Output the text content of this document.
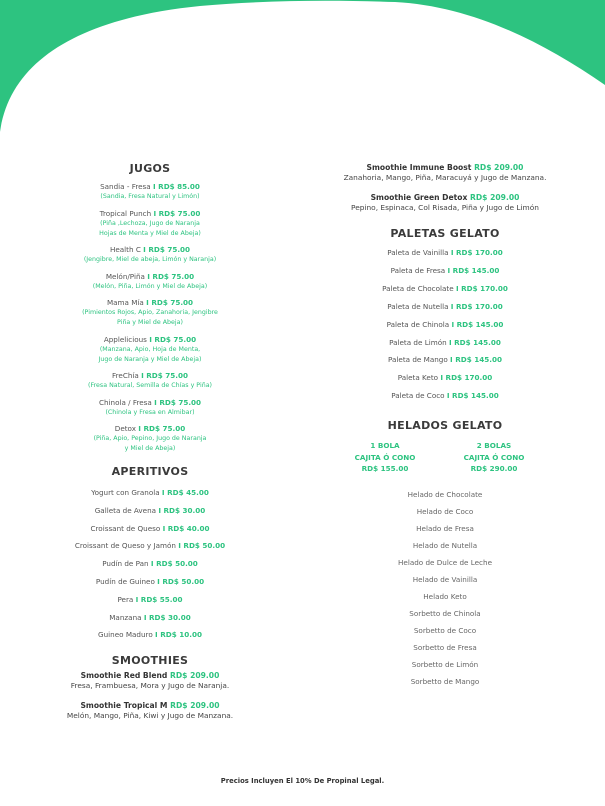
Santo Domingo
COUNTRY CLUB
TOLEDO
MENÚ DELIGELATO
JUGOS
Sandia - Fresa I RD$ 85.00
(Sandia, Fresa Natural y Limón)
Tropical Punch I RD$ 75.00
(Piña ,Lechoza, Jugo de Naranja
Hojas de Menta y Miel de Abeja)
Health C I RD$ 75.00
(Jengibre, Miel de abeja, Limón y Naranja)
Melón/Piña I RD$ 75.00
(Melón, Piña, Limón y Miel de Abeja)
Mama Mía I RD$ 75.00
(Pimientos Rojos, Apio, Zanahoria, Jengibre
Piña y Miel de Abeja)
Applelicious I RD$ 75.00
(Manzana, Apio, Hoja de Menta,
Jugo de Naranja y Miel de Abeja)
FreChía I RD$ 75.00
(Fresa Natural, Semilla de Chías y Piña)
Chinola / Fresa I RD$ 75.00
(Chinola y Fresa en Almibar)
Detox I RD$ 75.00
(Piña, Apio, Pepino, Jugo de Naranja
y Miel de Abeja)
APERITIVOS
Yogurt con Granola I RD$ 45.00
Galleta de Avena I RD$ 30.00
Croissant de Queso I RD$ 40.00
Croissant de Queso y Jamón I RD$ 50.00
Pudín de Pan I RD$ 50.00
Pudín de Guineo I RD$ 50.00
Pera I RD$ 55.00
Manzana I RD$ 30.00
Guineo Maduro I RD$ 10.00
SMOOTHIES
Smoothie Red Blend RD$ 209.00
Fresa, Frambuesa, Mora y Jugo de Naranja.
Smoothie Tropical M RD$ 209.00
Melón, Mango, Piña, Kiwi y Jugo de Manzana.
Smoothie Immune Boost RD$ 209.00
Zanahoria, Mango, Piña, Maracuyá y Jugo de Manzana.
Smoothie Green Detox RD$ 209.00
Pepino, Espinaca, Col Risada, Piña y Jugo de Limón
PALETAS GELATO
Paleta de Vainilla I RD$ 170.00
Paleta de Fresa I RD$ 145.00
Paleta de Chocolate I RD$ 170.00
Paleta de Nutella I RD$ 170.00
Paleta de Chinola I RD$ 145.00
Paleta de Limón I RD$ 145.00
Paleta de Mango I RD$ 145.00
Paleta Keto I RD$ 170.00
Paleta de Coco I RD$ 145.00
HELADOS GELATO
1 BOLA
CAJITA Ó CONO
RD$ 155.00
2 BOLAS
CAJITA Ó CONO
RD$ 290.00
Helado de Chocolate
Helado de Coco
Helado de Fresa
Helado de Nutella
Helado de Dulce de Leche
Helado de Vainilla
Helado Keto
Sorbetto de Chinola
Sorbetto de Coco
Sorbetto de Fresa
Sorbetto de Limón
Sorbetto de Mango
Precios Incluyen El 10% De Propinal Legal.
